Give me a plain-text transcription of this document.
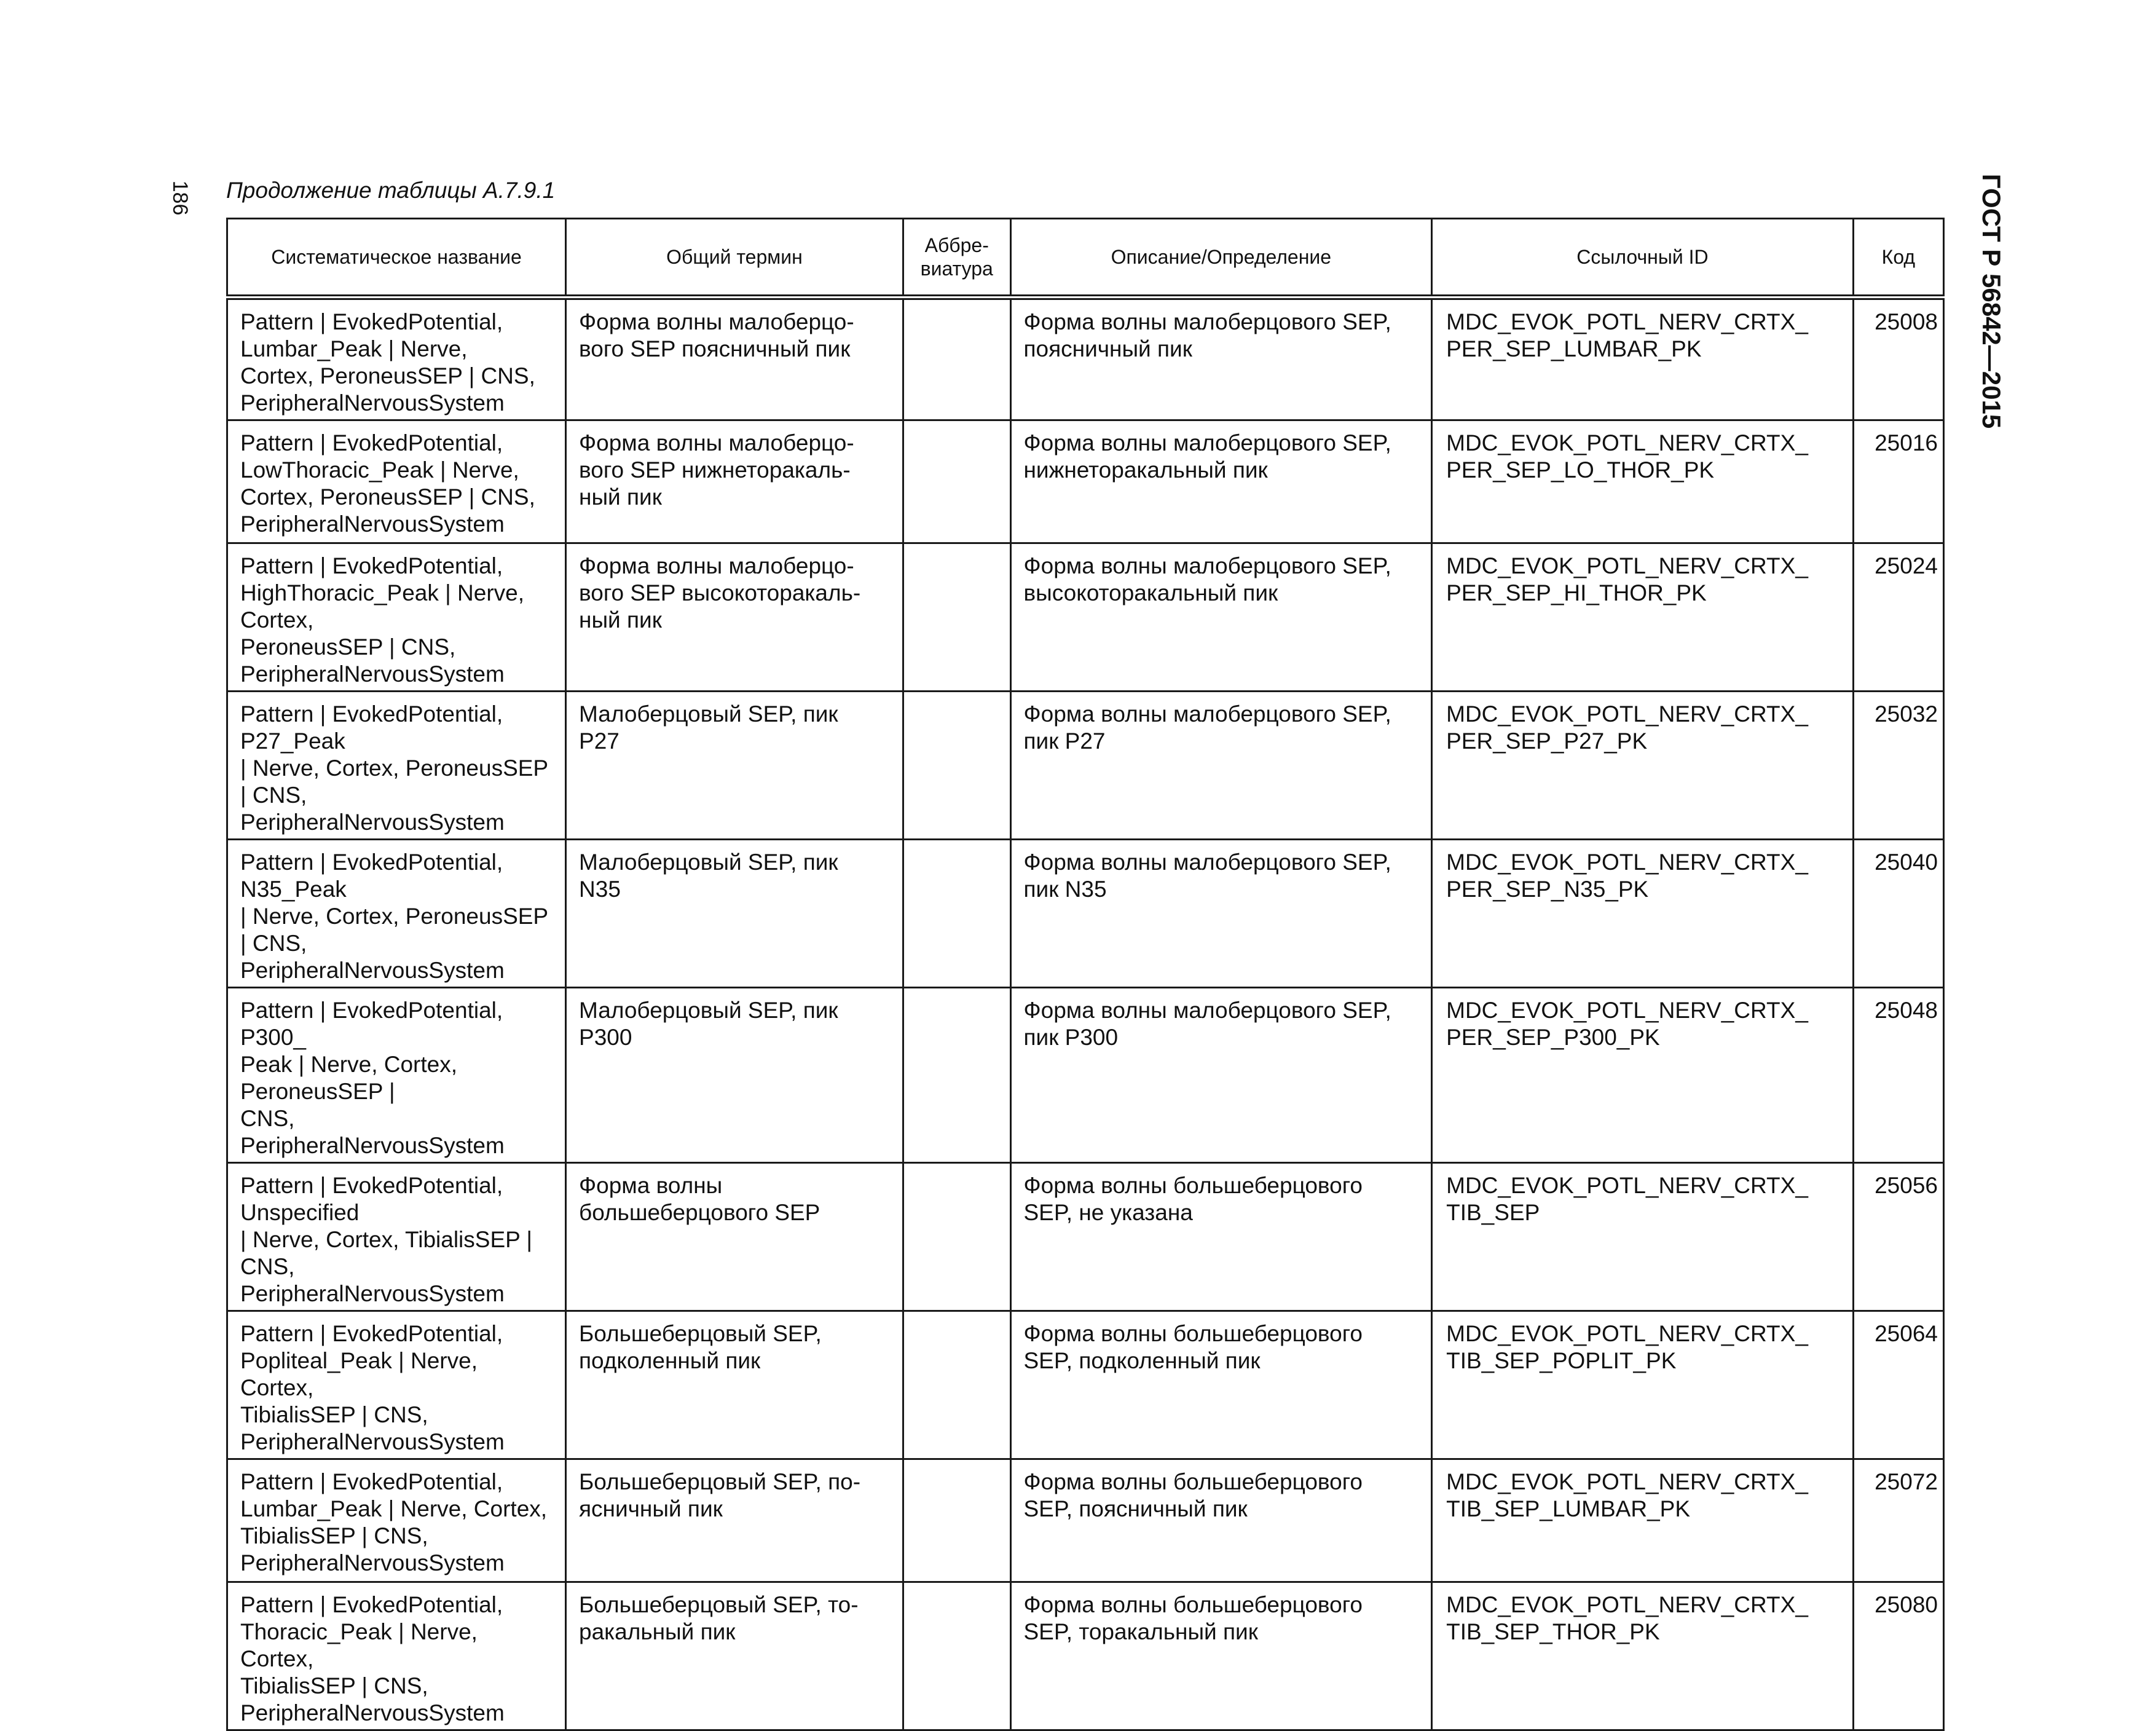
186	ГОСТ Р 56842—2015
Продолжение таблицы А.7.9.1
Систематическое название	Общий термин	Аббре-
виатура	Описание/Определение	Ссылочный ID	Код
Pattern | EvokedPotential,
Lumbar_Peak | Nerve,
Cortex, PeroneusSEP | CNS,
PeripheralNervousSystem	Форма волны малоберцо-
вого SEP поясничный пик		Форма волны малоберцового SEP,
поясничный пик	MDC_EVOK_POTL_NERV_CRTX_
PER_SEP_LUMBAR_PK	25008
Pattern | EvokedPotential,
LowThoracic_Peak | Nerve,
Cortex, PeroneusSEP | CNS,
PeripheralNervousSystem	Форма волны малоберцо-
вого SEP нижнеторакаль-
ный пик		Форма волны малоберцового SEP,
нижнеторакальный пик	MDC_EVOK_POTL_NERV_CRTX_
PER_SEP_LO_THOR_PK	25016
Pattern | EvokedPotential,
HighThoracic_Peak | Nerve, Cortex,
PeroneusSEP | CNS,
PeripheralNervousSystem	Форма волны малоберцо-
вого SEP высокоторакаль-
ный пик		Форма волны малоберцового SEP,
высокоторакальный пик	MDC_EVOK_POTL_NERV_CRTX_
PER_SEP_HI_THOR_PK	25024
Pattern | EvokedPotential, P27_Peak
| Nerve, Cortex, PeroneusSEP | CNS,
PeripheralNervousSystem	Малоберцовый SEP, пик
P27		Форма волны малоберцового SEP,
пик P27	MDC_EVOK_POTL_NERV_CRTX_
PER_SEP_P27_PK	25032
Pattern | EvokedPotential, N35_Peak
| Nerve, Cortex, PeroneusSEP | CNS,
PeripheralNervousSystem	Малоберцовый SEP, пик
N35		Форма волны малоберцового SEP,
пик N35	MDC_EVOK_POTL_NERV_CRTX_
PER_SEP_N35_PK	25040
Pattern | EvokedPotential, P300_
Peak | Nerve, Cortex, PeroneusSEP |
CNS, PeripheralNervousSystem	Малоберцовый SEP, пик
P300		Форма волны малоберцового SEP,
пик P300	MDC_EVOK_POTL_NERV_CRTX_
PER_SEP_P300_PK	25048
Pattern | EvokedPotential, Unspecified
| Nerve, Cortex, TibialisSEP | CNS,
PeripheralNervousSystem	Форма волны
большеберцового SEP		Форма волны большеберцового
SEP, не указана	MDC_EVOK_POTL_NERV_CRTX_
TIB_SEP	25056
Pattern | EvokedPotential,
Popliteal_Peak | Nerve, Cortex,
TibialisSEP | CNS,
PeripheralNervousSystem	Большеберцовый SEP,
подколенный пик		Форма волны большеберцового
SEP, подколенный пик	MDC_EVOK_POTL_NERV_CRTX_
TIB_SEP_POPLIT_PK	25064
Pattern | EvokedPotential,
Lumbar_Peak | Nerve, Cortex,
TibialisSEP | CNS,
PeripheralNervousSystem	Большеберцовый SEP, по-
ясничный пик		Форма волны большеберцового
SEP, поясничный пик	MDC_EVOK_POTL_NERV_CRTX_
TIB_SEP_LUMBAR_PK	25072
Pattern | EvokedPotential,
Thoracic_Peak | Nerve, Cortex,
TibialisSEP | CNS,
PeripheralNervousSystem	Большеберцовый SEP, то-
ракальный пик		Форма волны большеберцового
SEP, торакальный пик	MDC_EVOK_POTL_NERV_CRTX_
TIB_SEP_THOR_PK	25080
